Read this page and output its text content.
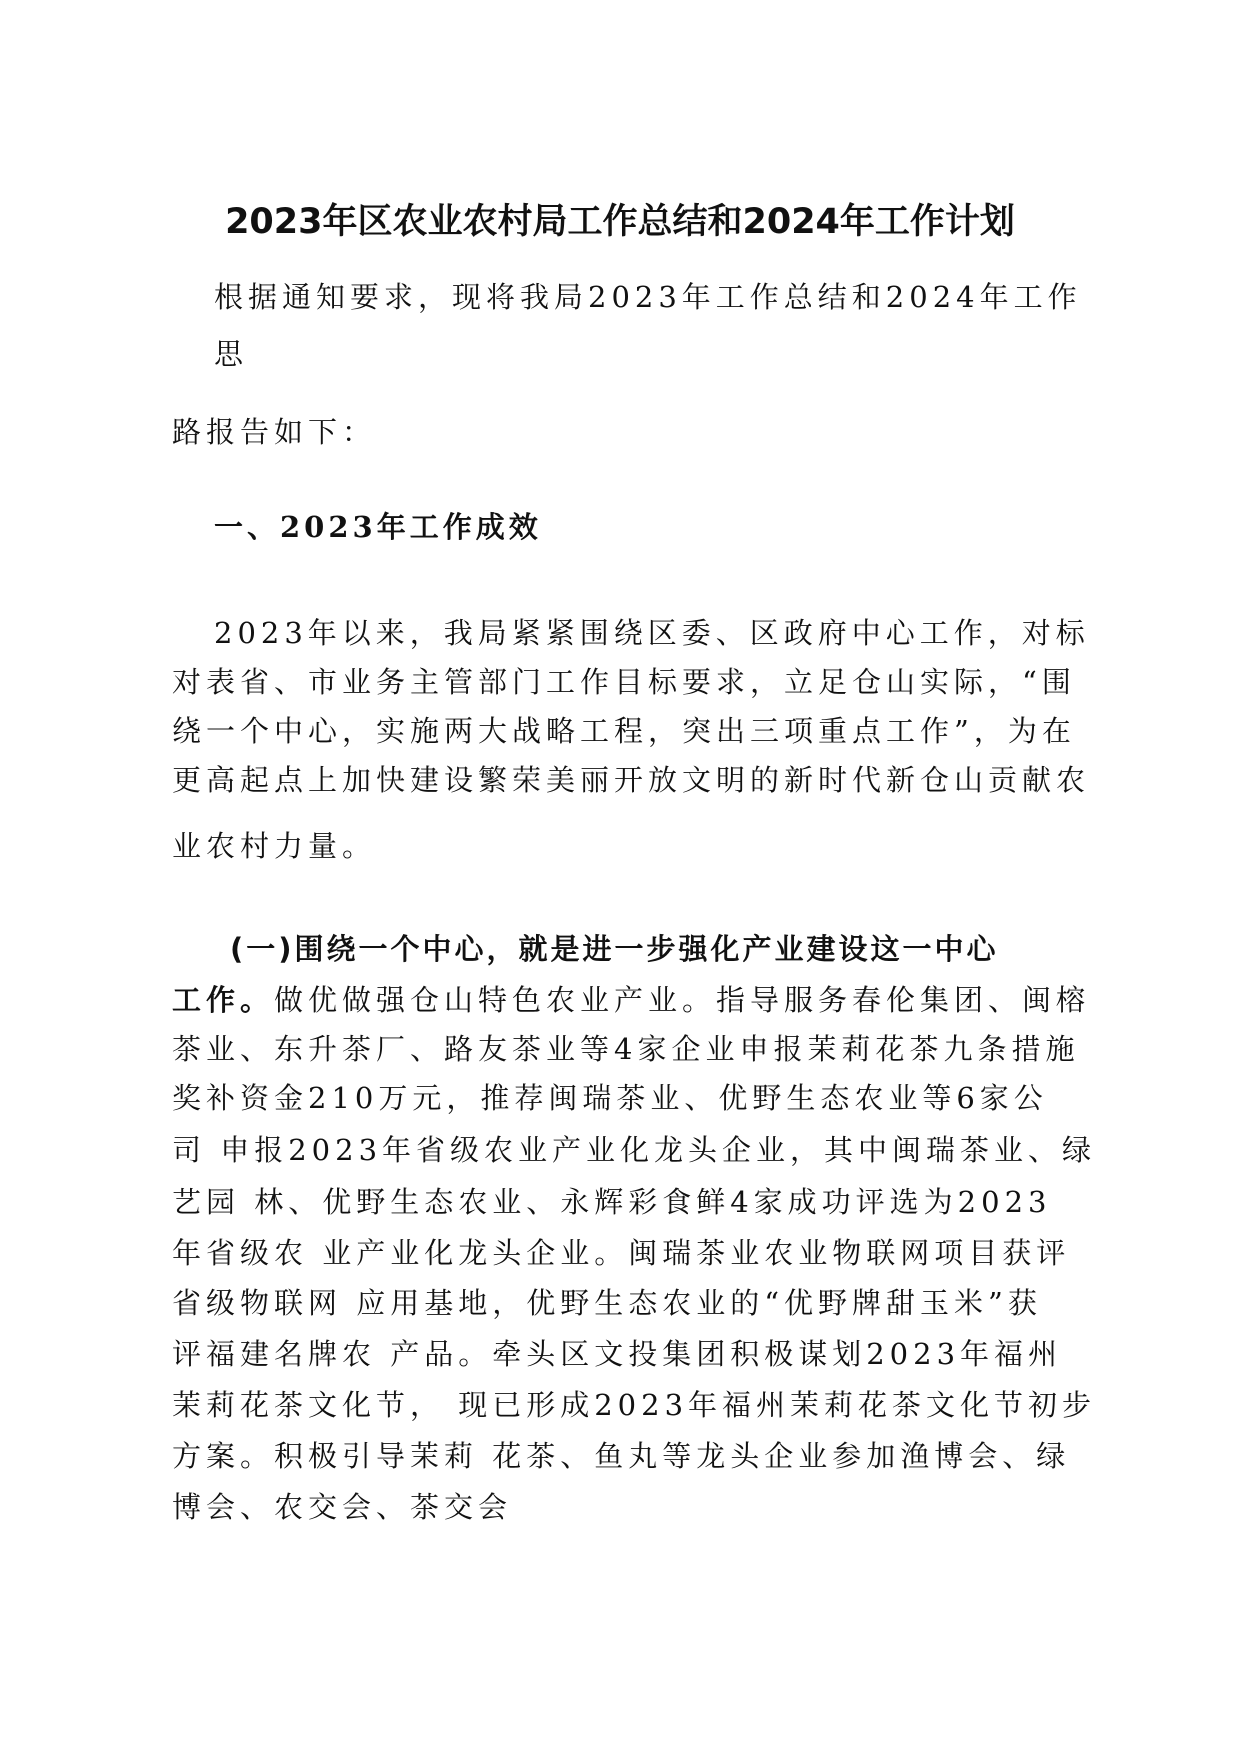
2023年区农业农村局工作总结和2024年工作计划
根据通知要求，现将我局2023年工作总结和2024年工作
思
路报告如下：
一、2023年工作成效
2023年以来，我局紧紧围绕区委、区政府中心工作，对标
对表省、市业务主管部门工作目标要求，立足仓山实际，“围
绕一个中心，实施两大战略工程，突出三项重点工作”，为在
更高起点上加快建设繁荣美丽开放文明的新时代新仓山贡献农
业农村力量。
(一)围绕一个中心，就是进一步强化产业建设这一中心
工作。做优做强仓山特色农业产业。指导服务春伦集团、闽榕
茶业、东升茶厂、路友茶业等4家企业申报茉莉花茶九条措施
奖补资金210万元，推荐闽瑞茶业、优野生态农业等6家公
司 申报2023年省级农业产业化龙头企业，其中闽瑞茶业、绿
艺园 林、优野生态农业、永辉彩食鲜4家成功评选为2023
年省级农 业产业化龙头企业。闽瑞茶业农业物联网项目获评
省级物联网 应用基地，优野生态农业的“优野牌甜玉米”获
评福建名牌农 产品。牵头区文投集团积极谋划2023年福州
茉莉花茶文化节， 现已形成2023年福州茉莉花茶文化节初步
方案。积极引导茉莉 花茶、鱼丸等龙头企业参加渔博会、绿
博会、农交会、茶交会
